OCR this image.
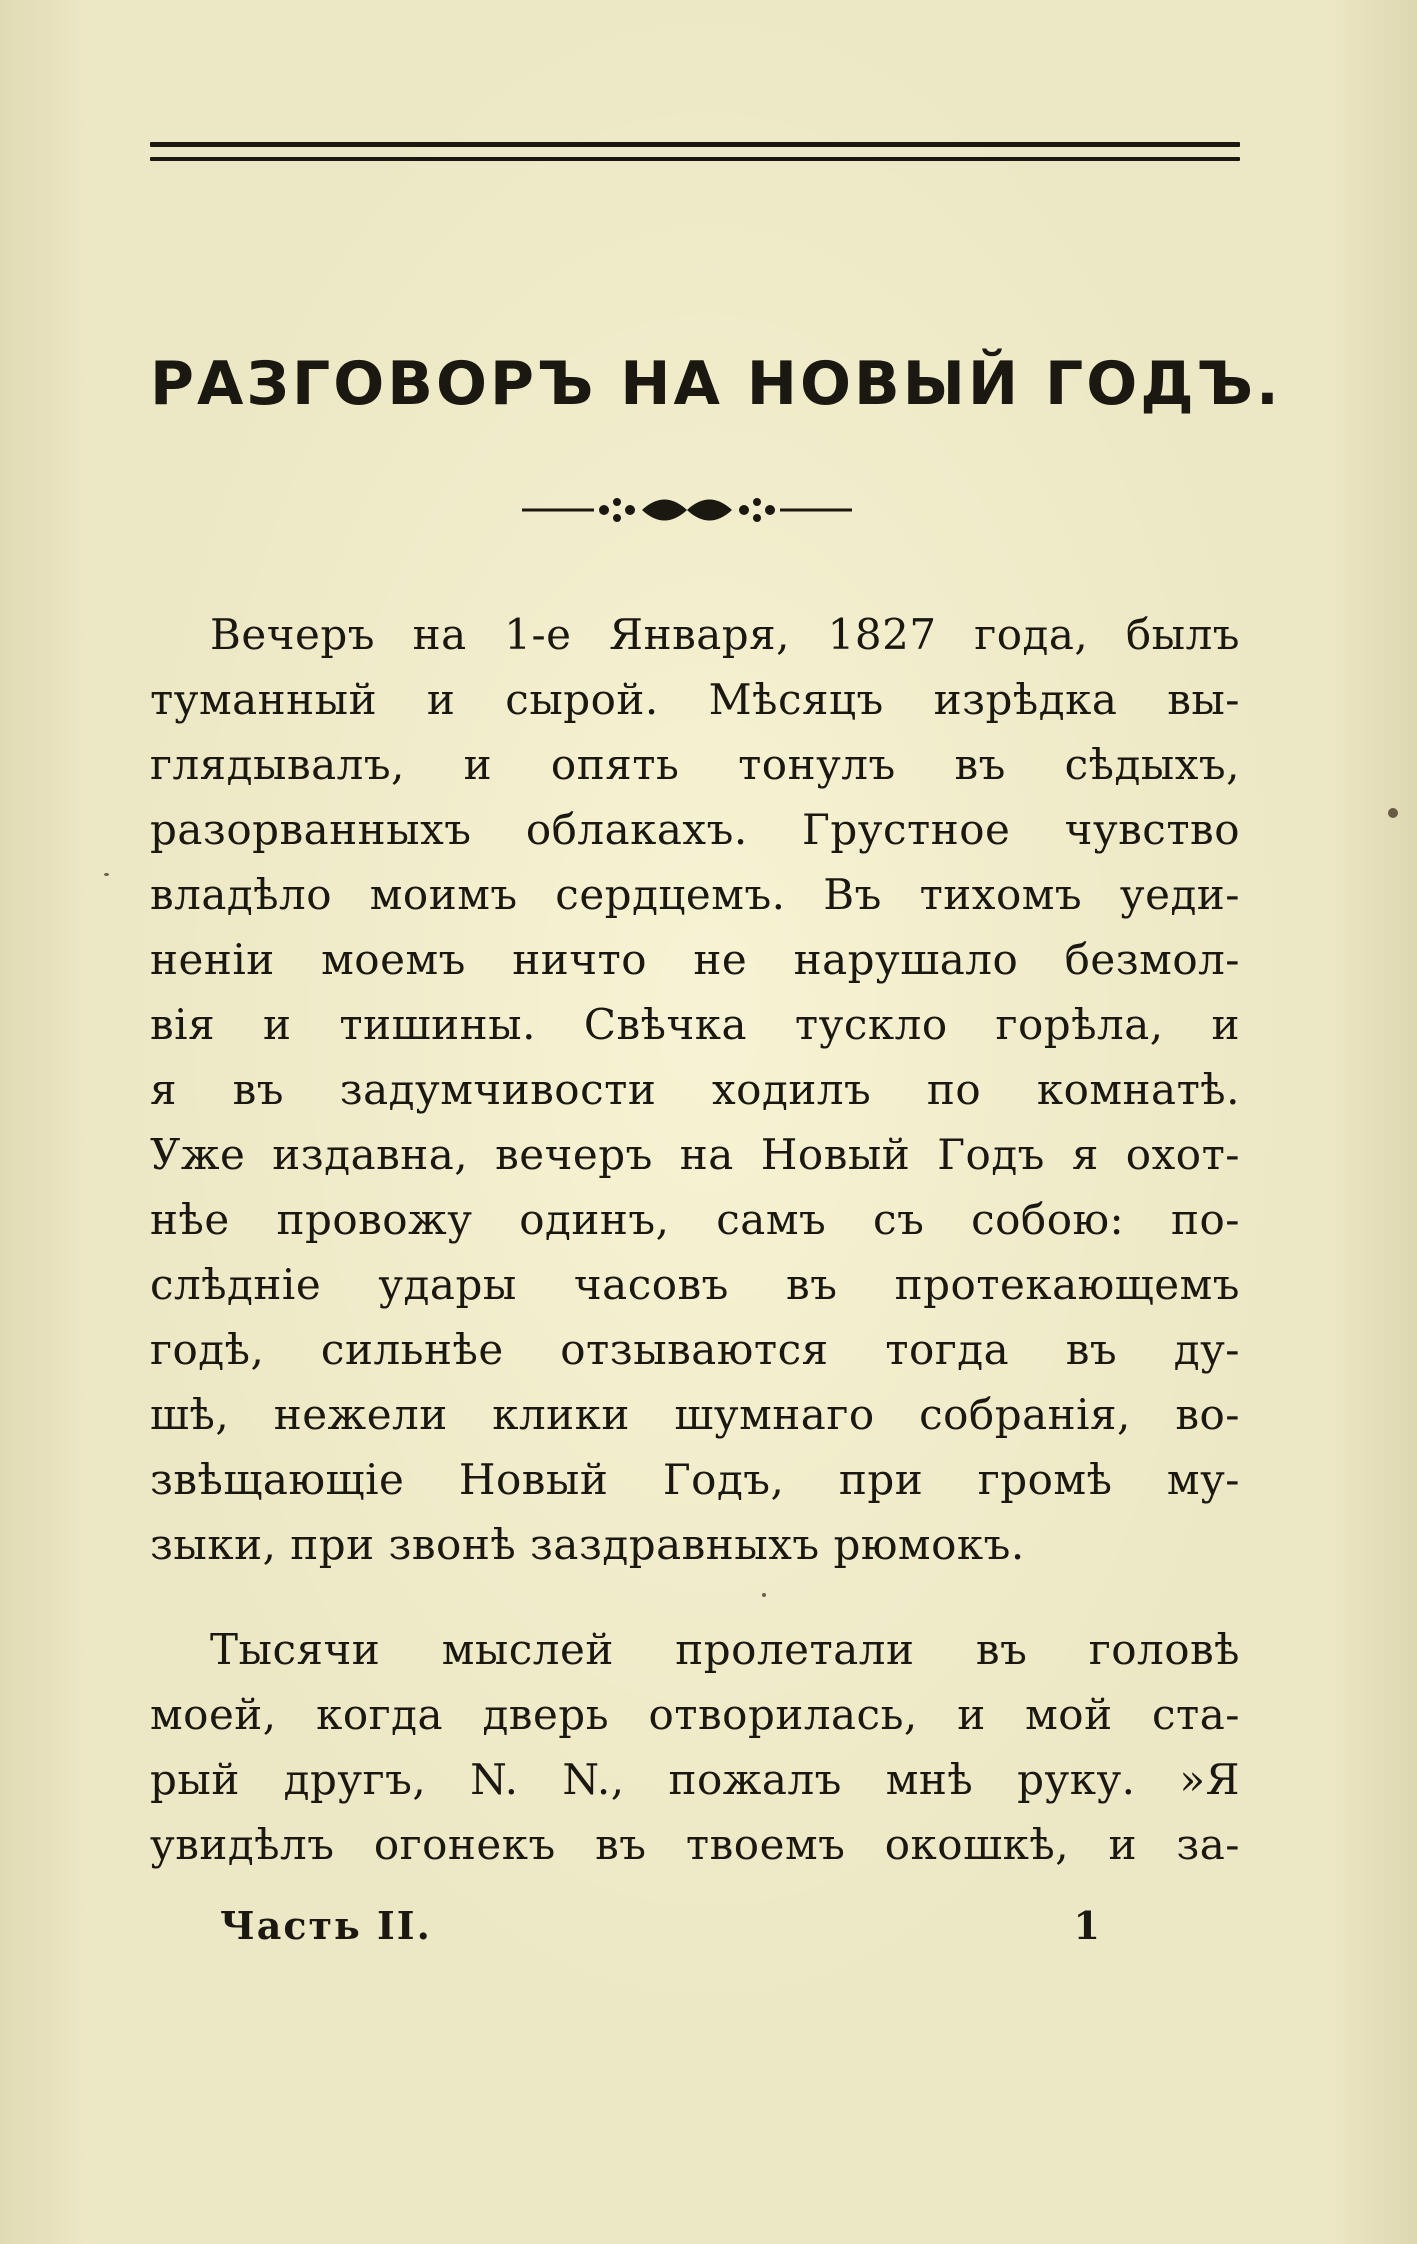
РАЗГОВОРЪ НА НОВЫЙ ГОДЪ.
Вечеръ на 1-е Января, 1827 года, былъ
туманный и сырой. Мѣсяцъ изрѣдка вы-
глядывалъ, и опять тонулъ въ сѣдыхъ,
разорванныхъ облакахъ. Грустное чувство
владѣло моимъ сердцемъ. Въ тихомъ уеди-
неніи моемъ ничто не нарушало безмол-
вія и тишины. Свѣчка тускло горѣла, и
я въ задумчивости ходилъ по комнатѣ.
Уже издавна, вечеръ на Новый Годъ я охот-
нѣе провожу одинъ, самъ съ собою: по-
слѣдніе удары часовъ въ протекающемъ
годѣ, сильнѣе отзываются тогда въ ду-
шѣ, нежели клики шумнаго собранія, во-
звѣщающіе Новый Годъ, при громѣ му-
зыки, при звонѣ заздравныхъ рюмокъ.
Тысячи мыслей пролетали въ головѣ
моей, когда дверь отворилась, и мой ста-
рый другъ, N. N., пожалъ мнѣ руку. »Я
увидѣлъ огонекъ въ твоемъ окошкѣ, и за-
Часть II.	1
